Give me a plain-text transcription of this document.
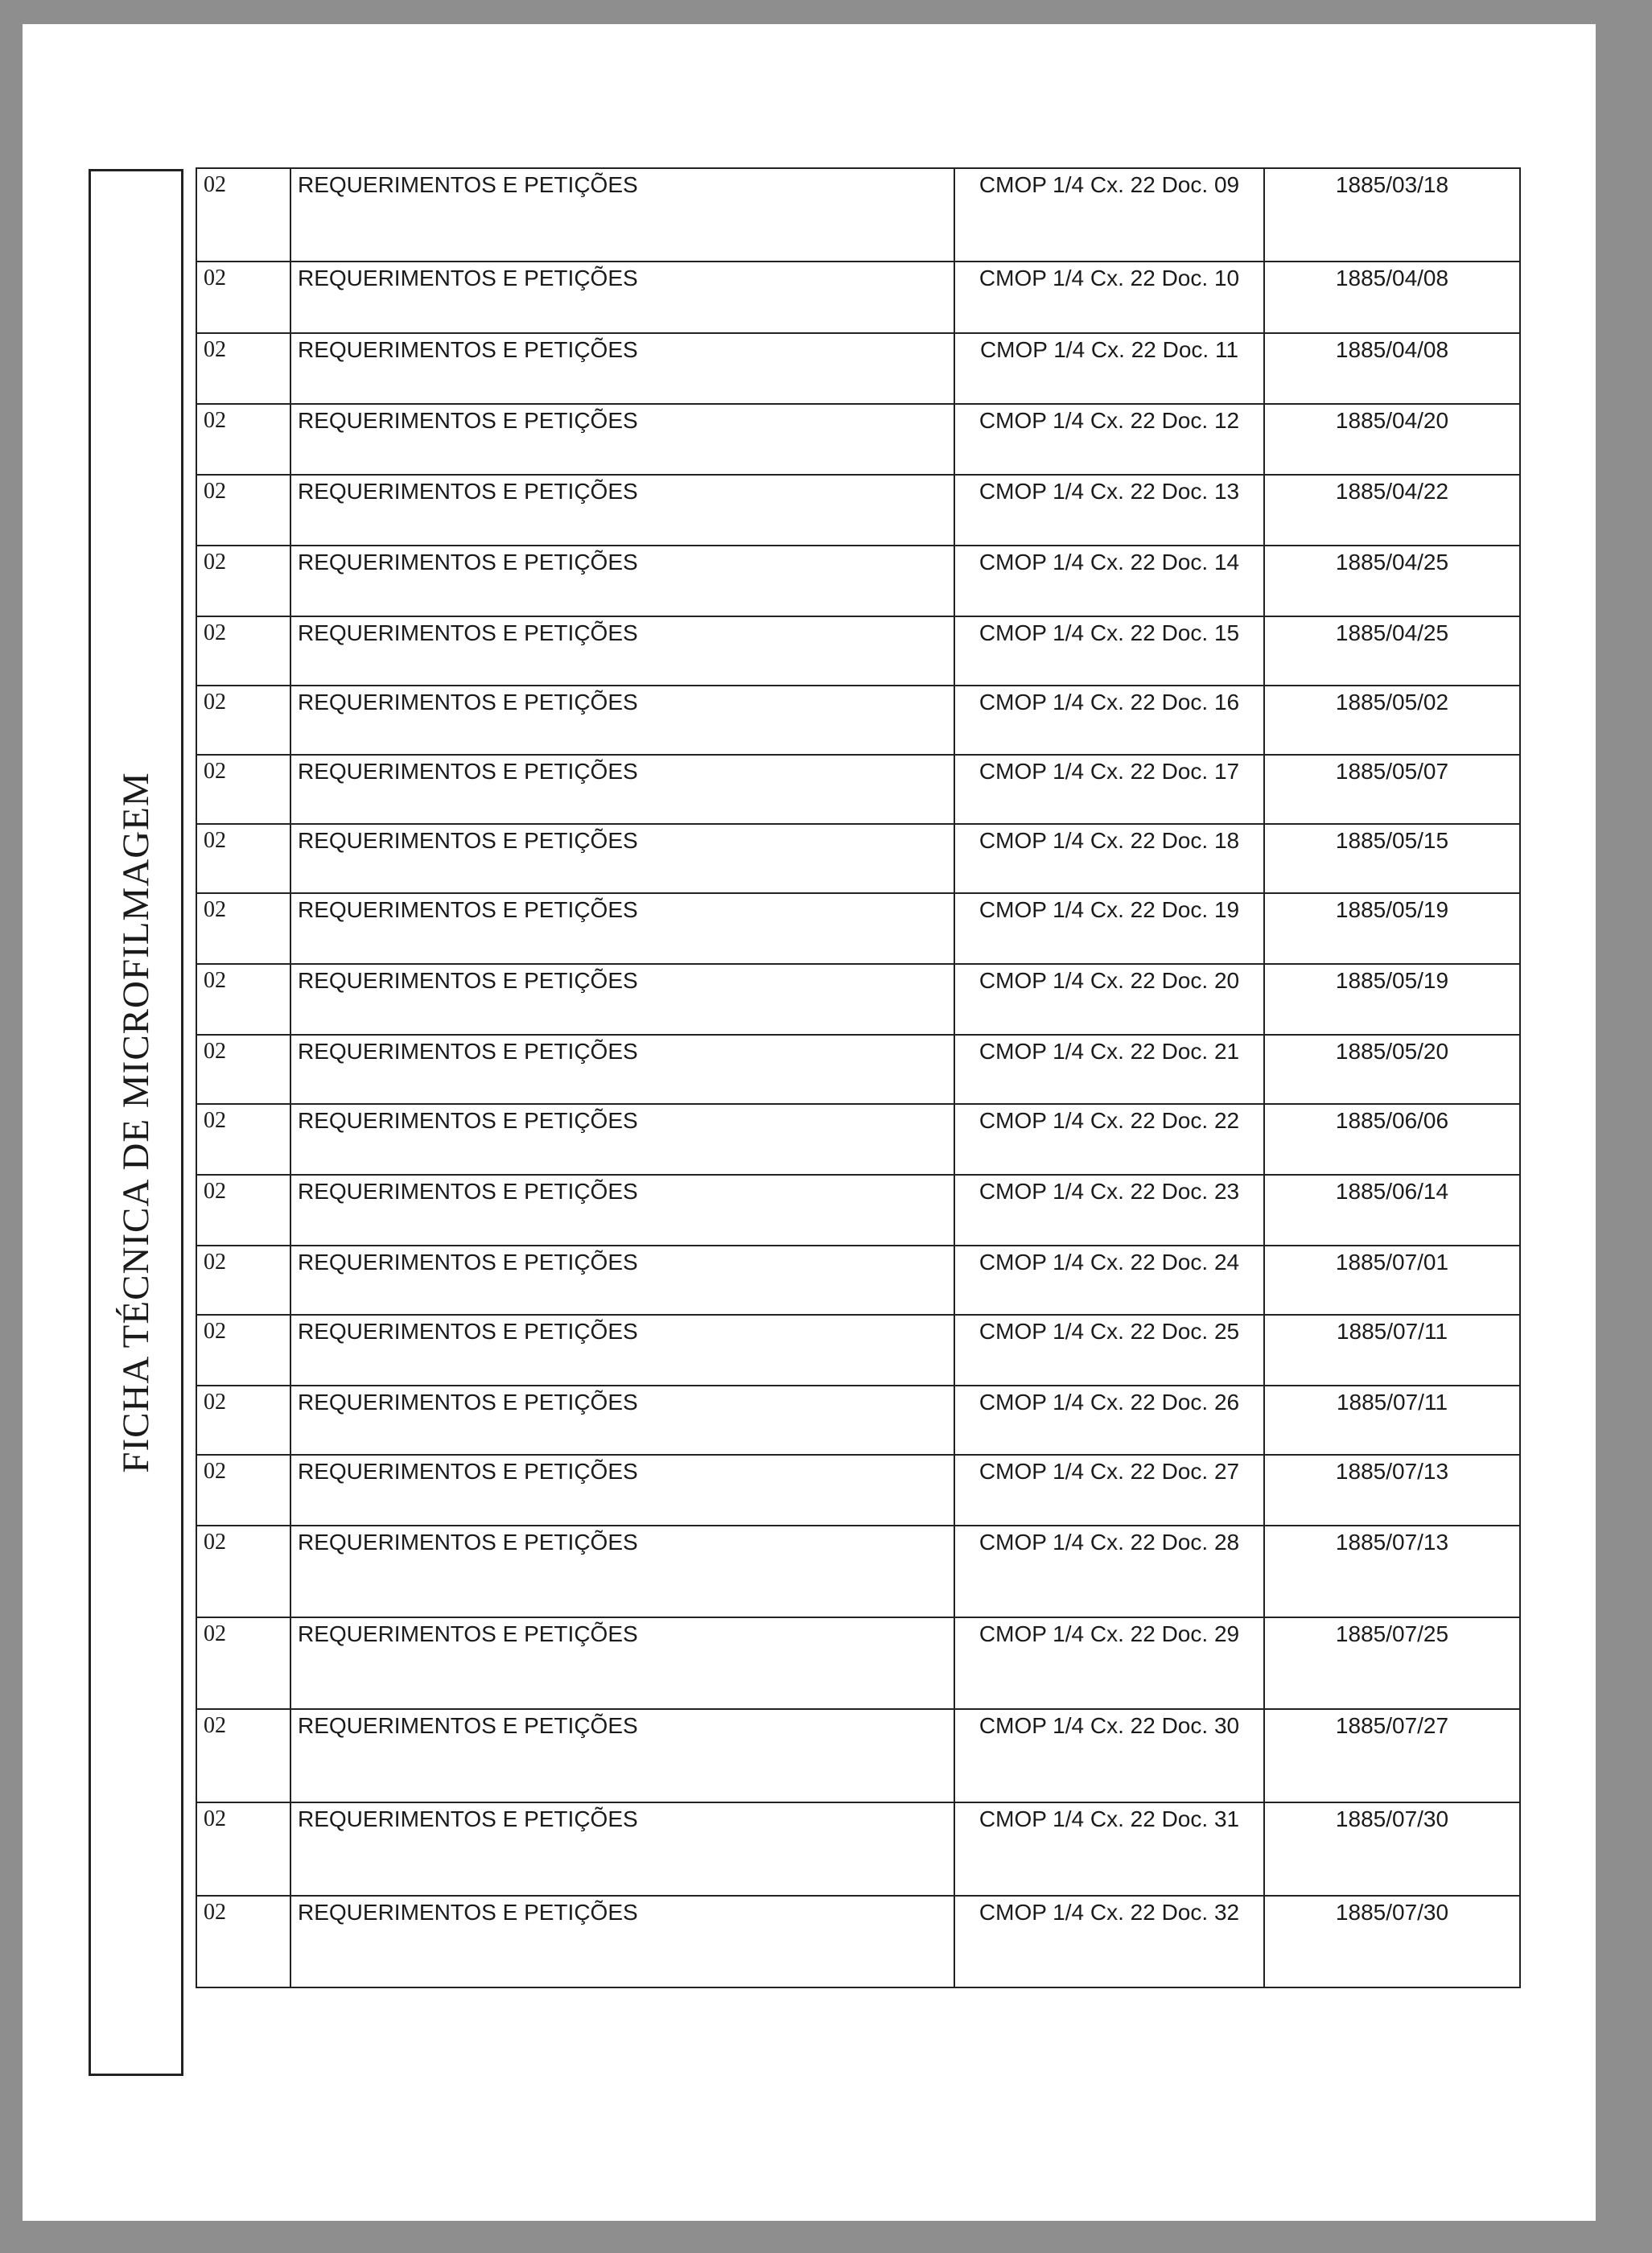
FICHA TÉCNICA DE MICROFILMAGEM
02	REQUERIMENTOS E PETIÇÕES	CMOP 1/4 Cx. 22 Doc. 09	1885/03/18
02	REQUERIMENTOS E PETIÇÕES	CMOP 1/4 Cx. 22 Doc. 10	1885/04/08
02	REQUERIMENTOS E PETIÇÕES	CMOP 1/4 Cx. 22 Doc. 11	1885/04/08
02	REQUERIMENTOS E PETIÇÕES	CMOP 1/4 Cx. 22 Doc. 12	1885/04/20
02	REQUERIMENTOS E PETIÇÕES	CMOP 1/4 Cx. 22 Doc. 13	1885/04/22
02	REQUERIMENTOS E PETIÇÕES	CMOP 1/4 Cx. 22 Doc. 14	1885/04/25
02	REQUERIMENTOS E PETIÇÕES	CMOP 1/4 Cx. 22 Doc. 15	1885/04/25
02	REQUERIMENTOS E PETIÇÕES	CMOP 1/4 Cx. 22 Doc. 16	1885/05/02
02	REQUERIMENTOS E PETIÇÕES	CMOP 1/4 Cx. 22 Doc. 17	1885/05/07
02	REQUERIMENTOS E PETIÇÕES	CMOP 1/4 Cx. 22 Doc. 18	1885/05/15
02	REQUERIMENTOS E PETIÇÕES	CMOP 1/4 Cx. 22 Doc. 19	1885/05/19
02	REQUERIMENTOS E PETIÇÕES	CMOP 1/4 Cx. 22 Doc. 20	1885/05/19
02	REQUERIMENTOS E PETIÇÕES	CMOP 1/4 Cx. 22 Doc. 21	1885/05/20
02	REQUERIMENTOS E PETIÇÕES	CMOP 1/4 Cx. 22 Doc. 22	1885/06/06
02	REQUERIMENTOS E PETIÇÕES	CMOP 1/4 Cx. 22 Doc. 23	1885/06/14
02	REQUERIMENTOS E PETIÇÕES	CMOP 1/4 Cx. 22 Doc. 24	1885/07/01
02	REQUERIMENTOS E PETIÇÕES	CMOP 1/4 Cx. 22 Doc. 25	1885/07/11
02	REQUERIMENTOS E PETIÇÕES	CMOP 1/4 Cx. 22 Doc. 26	1885/07/11
02	REQUERIMENTOS E PETIÇÕES	CMOP 1/4 Cx. 22 Doc. 27	1885/07/13
02	REQUERIMENTOS E PETIÇÕES	CMOP 1/4 Cx. 22 Doc. 28	1885/07/13
02	REQUERIMENTOS E PETIÇÕES	CMOP 1/4 Cx. 22 Doc. 29	1885/07/25
02	REQUERIMENTOS E PETIÇÕES	CMOP 1/4 Cx. 22 Doc. 30	1885/07/27
02	REQUERIMENTOS E PETIÇÕES	CMOP 1/4 Cx. 22 Doc. 31	1885/07/30
02	REQUERIMENTOS E PETIÇÕES	CMOP 1/4 Cx. 22 Doc. 32	1885/07/30
